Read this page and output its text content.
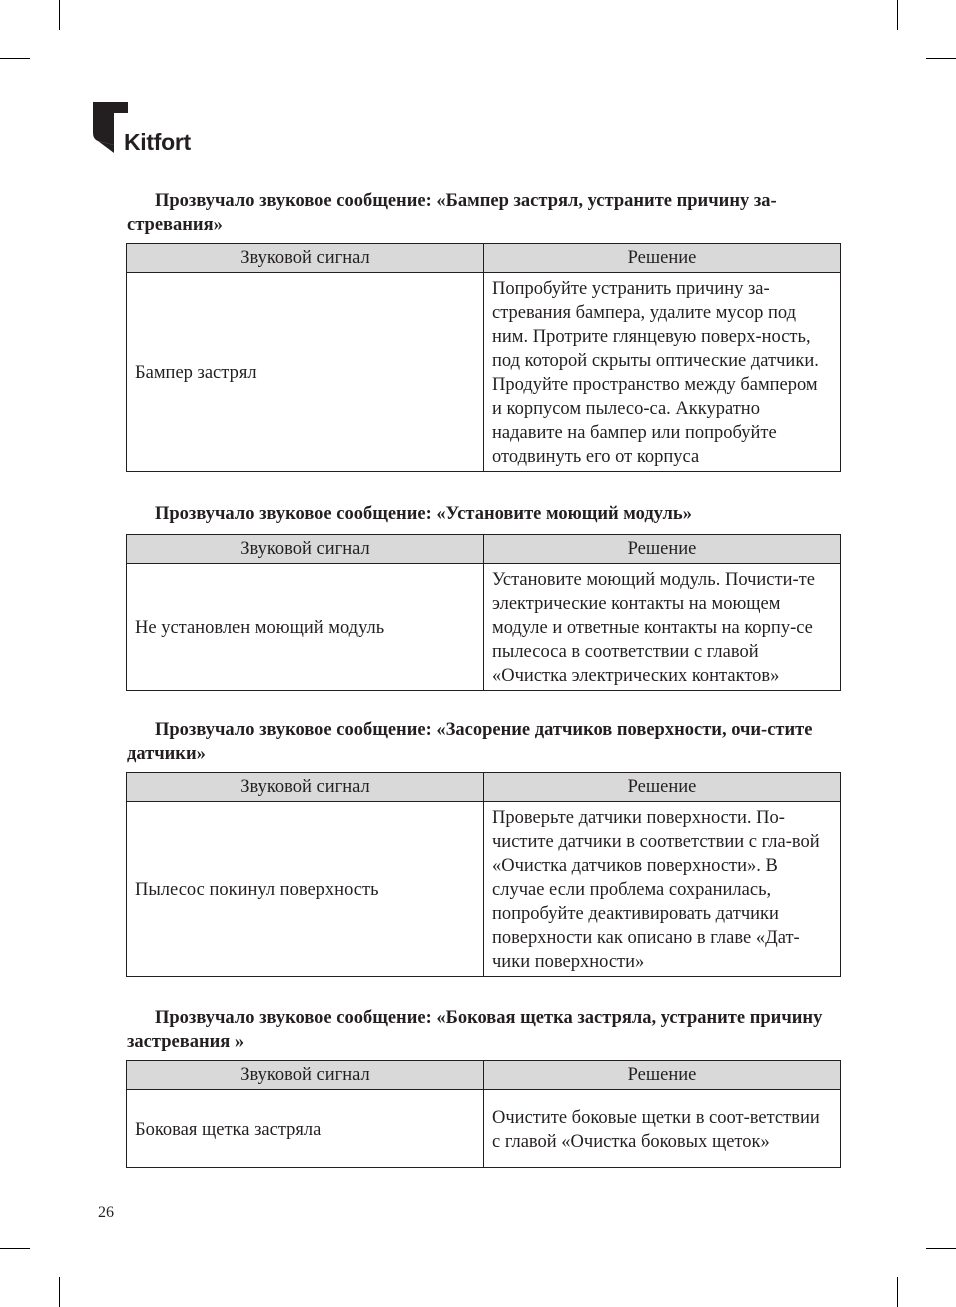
Kitfort

Прозвучало звуковое сообщение: «Бампер застрял, устраните причину за-стревания»

Звуковой сигнал	Решение
Бампер застрял	Попробуйте устранить причину за-стревания бампера, удалите мусор под ним. Протрите глянцевую поверх-ность, под которой скрыты оптические датчики. Продуйте пространство между бампером и корпусом пылесо-са. Аккуратно надавите на бампер или попробуйте отодвинуть его от корпуса

Прозвучало звуковое сообщение: «Установите моющий модуль»

Звуковой сигнал	Решение
Не установлен моющий модуль	Установите моющий модуль. Почисти-те электрические контакты на моющем модуле и ответные контакты на корпу-се пылесоса в соответствии с главой «Очистка электрических контактов»

Прозвучало звуковое сообщение: «Засорение датчиков поверхности, очи-стите датчики»

Звуковой сигнал	Решение
Пылесос покинул поверхность	Проверьте датчики поверхности. По-чистите датчики в соответствии с гла-вой «Очистка датчиков поверхности». В случае если проблема сохранилась, попробуйте деактивировать датчики поверхности как описано в главе «Дат-чики поверхности»

Прозвучало звуковое сообщение: «Боковая щетка застряла, устраните причину застревания »

Звуковой сигнал	Решение
Боковая щетка застряла	Очистите боковые щетки в соот-ветствии с главой «Очистка боковых щеток»
26
